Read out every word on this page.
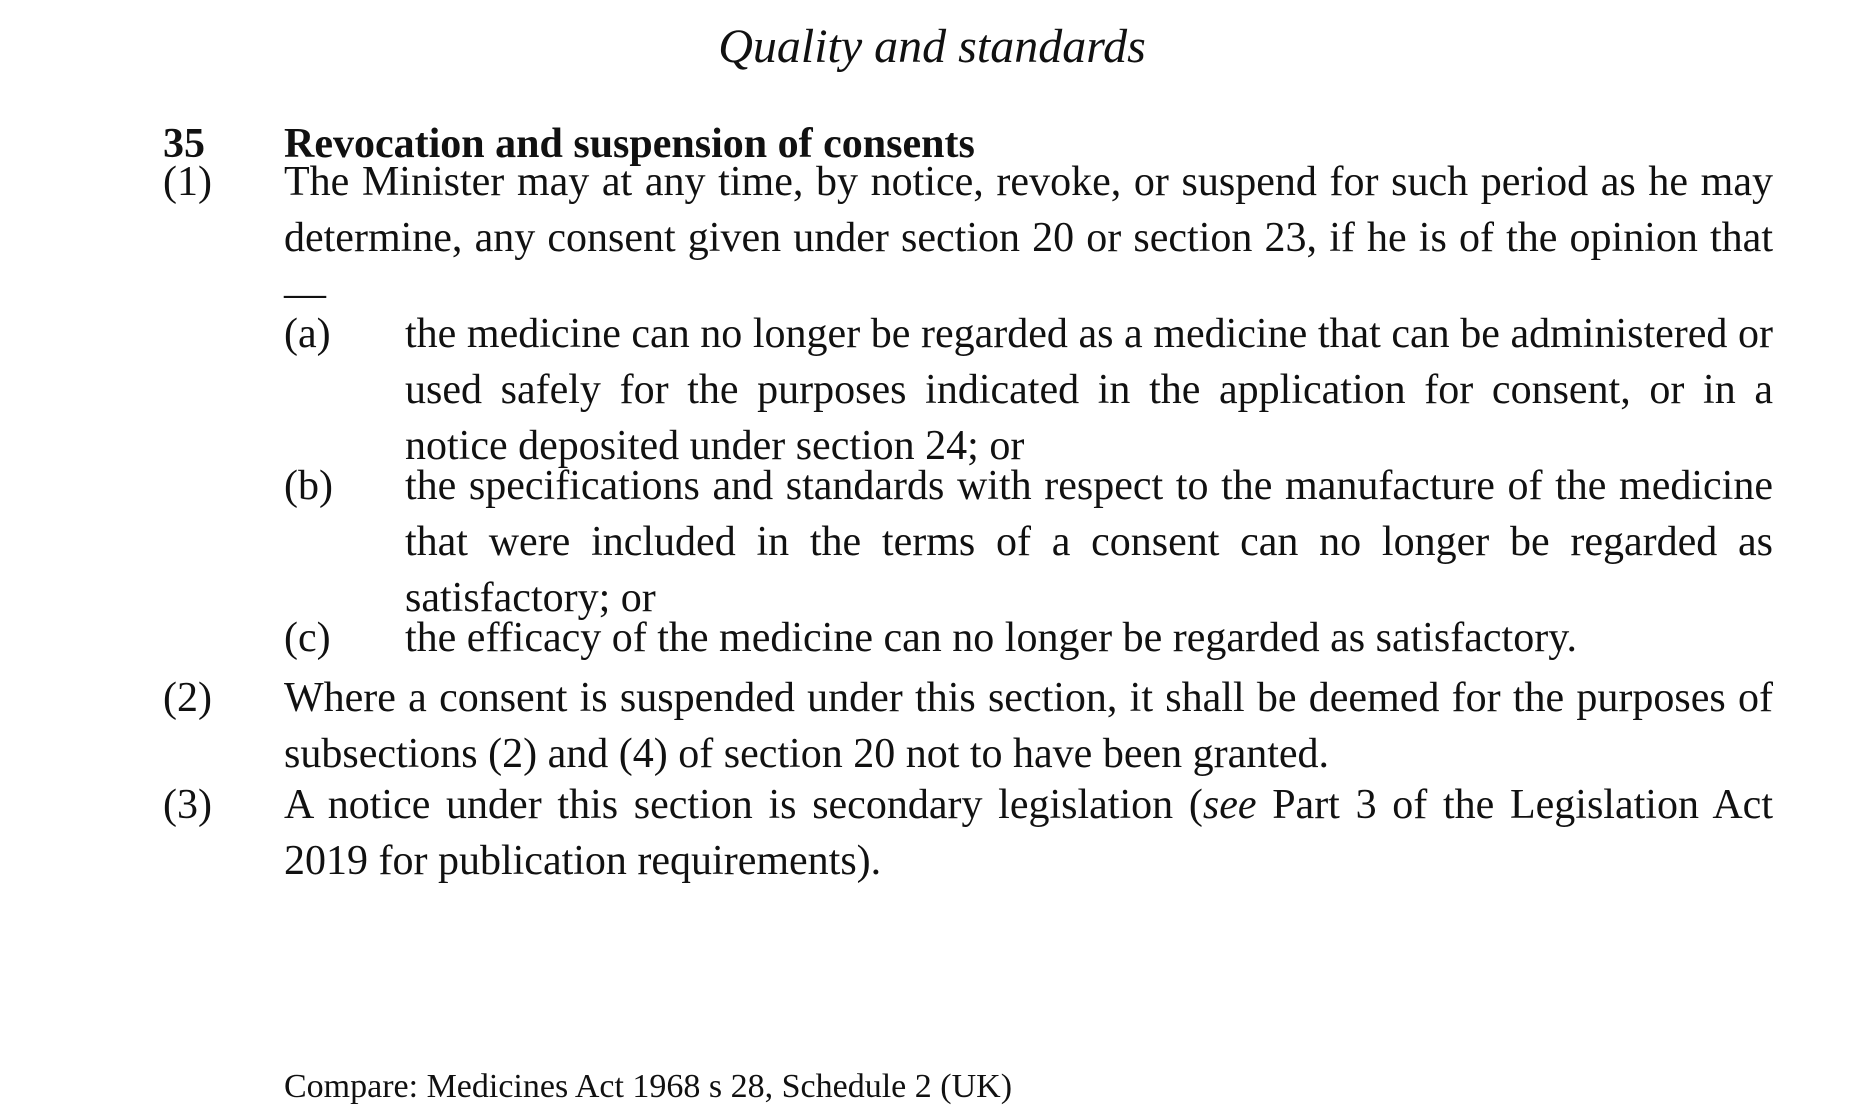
Quality and standards
35 Revocation and suspension of consents
(1) The Minister may at any time, by notice, revoke, or suspend for such period as he may determine, any consent given under section 20 or section 23, if he is of the opinion that—
(a) the medicine can no longer be regarded as a medicine that can be administered or used safely for the purposes indicated in the application for consent, or in a notice deposited under section 24; or
(b) the specifications and standards with respect to the manufacture of the medicine that were included in the terms of a consent can no longer be regarded as satisfactory; or
(c) the efficacy of the medicine can no longer be regarded as satisfactory.
(2) Where a consent is suspended under this section, it shall be deemed for the purposes of subsections (2) and (4) of section 20 not to have been granted.
(3) A notice under this section is secondary legislation (see Part 3 of the Legislation Act 2019 for publication requirements).
Compare: Medicines Act 1968 s 28, Schedule 2 (UK)
